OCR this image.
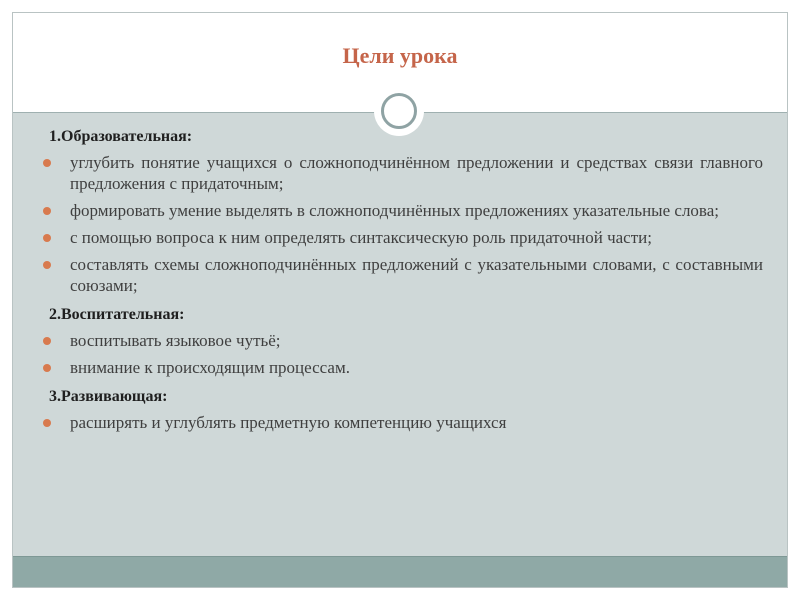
Цели урока
1.Образовательная:
углубить понятие учащихся о сложноподчинённом предложении и средствах связи главного предложения с придаточным;
формировать умение выделять в сложноподчинённых предложениях указательные слова;
с помощью вопроса к ним определять синтаксическую роль придаточной части;
составлять схемы сложноподчинённых предложений с указательными словами, с составными союзами;
2.Воспитательная:
воспитывать языковое чутьё;
внимание к происходящим процессам.
3.Развивающая:
расширять и углублять предметную компетенцию учащихся
